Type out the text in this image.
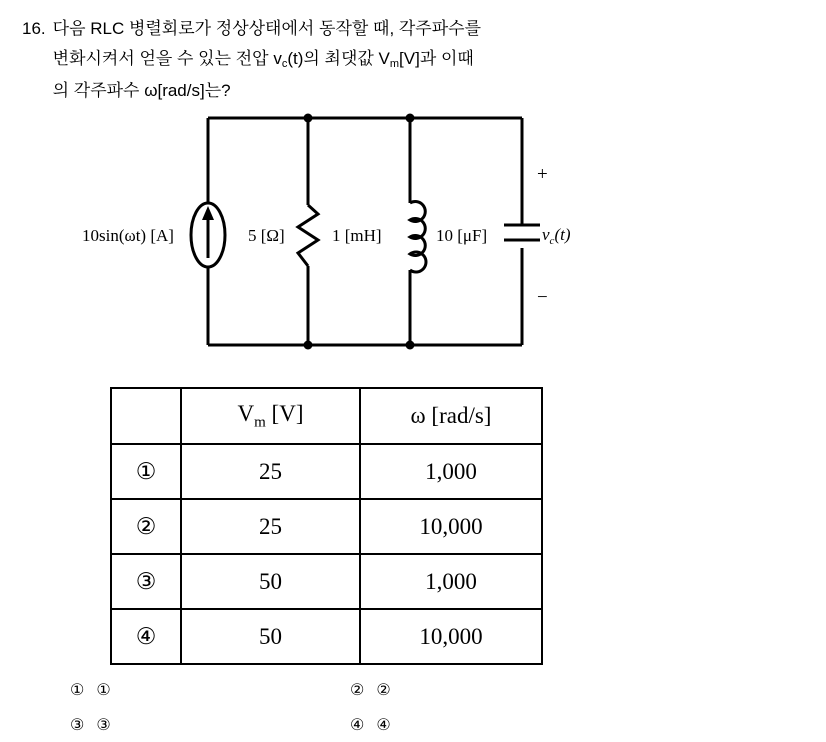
16. 다음 RLC 병렬회로가 정상상태에서 동작할 때, 각주파수를
변화시켜서 얻을 수 있는 전압 $v_c(t)$의 최댓값 $V_m[V]$과 이때
의 각주파수 ω[rad/s]는?
10sin(ωt) [A]	5 [Ω]	1 [mH]	10 [μF]
+
−
vc(t)
	$V_m$ [V]	ω [rad/s]
①	25	1,000
②	25	10,000
③	50	1,000
④	50	10,000
① ①	② ②
③ ③	④ ④
